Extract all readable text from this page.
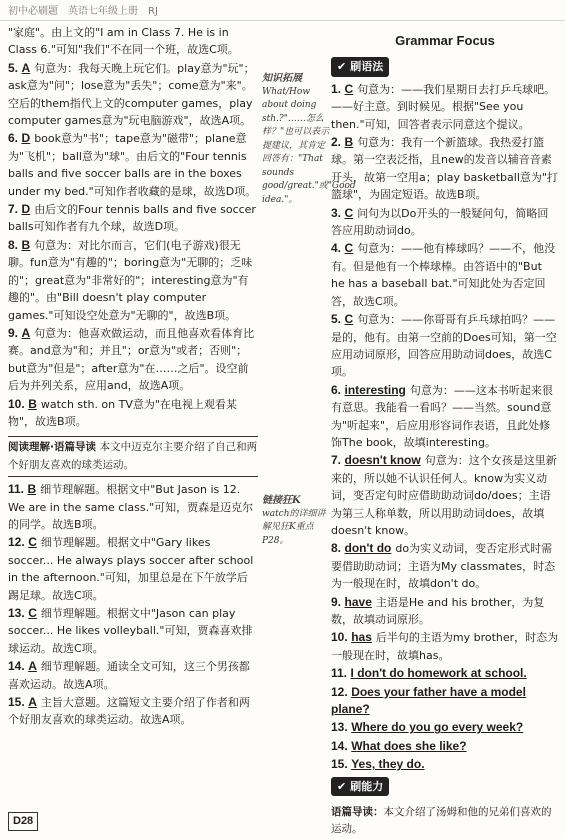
初中必刷题　英语七年级上册　RJ
"家庭"。由上文的"I am in Class 7. He is in Class 6."可知"我们"不在同一个班，故选C项。
5. A 句意为：我每天晚上玩它们。play意为"玩"；ask意为"问"；lose意为"丢失"；come意为"来"。空后的them指代上文的computer games，play computer games意为"玩电脑游戏"，故选A项。
6. D book意为"书"；tape意为"磁带"；plane意为"飞机"；ball意为"球"。由后文的"Four tennis balls and five soccer balls are in the boxes under my bed."可知作者收藏的是球，故选D项。
7. D 由后文的Four tennis balls and five soccer balls可知作者有九个球，故选D项。
8. B 句意为：对比尔而言，它们(电子游戏)很无聊。fun意为"有趣的"；boring意为"无聊的；乏味的"；great意为"非常好的"；interesting意为"有趣的"。由"Bill doesn't play computer games."可知设空处意为"无聊的"，故选B项。
9. A 句意为：他喜欢做运动，而且他喜欢看体育比赛。and意为"和；并且"；or意为"或者；否则"；but意为"但是"；after意为"在……之后"。设空前后为并列关系，应用and，故选A项。
10. B watch sth. on TV意为"在电视上观看某物"，故选B项。
阅读理解·语篇导读 本文中迈克尔主要介绍了自己和两个好朋友喜欢的球类运动。
11. B 细节理解题。根据文中"But Jason is 12. We are in the same class."可知，贾森是迈克尔的同学。故选B项。
12. C 细节理解题。根据文中"Gary likes soccer... He always plays soccer after school in the afternoon."可知，加里总是在下午放学后踢足球。故选C项。
13. C 细节理解题。根据文中"Jason can play soccer... He likes volleyball."可知，贾森喜欢排球运动。故选C项。
14. A 细节理解题。通读全文可知，这三个男孩都喜欢运动。故选A项。
15. A 主旨大意题。这篇短文主要介绍了作者和两个好朋友喜欢的球类运动。故选A项。
知识拓展
What/How about doing sth.?"……怎么样？"也可以表示提建议，其肯定回答有："That sounds good/great."或"Good idea."。
链接狂K
watch的详细讲解见狂K重点P28。
Grammar Focus
✔ 刷语法
1. C 句意为：——我们星期日去打乒乓球吧。——好主意。到时候见。根据"See you then."可知，回答者表示同意这个提议。
2. B 句意为：我有一个新篮球。我热爱打篮球。第一空表泛指，且new的发音以辅音音素开头，故第一空用a；play basketball意为"打篮球"，为固定短语。故选B项。
3. C 问句为以Do开头的一般疑问句，简略回答应用助动词do。
4. C 句意为：——他有棒球吗？——不，他没有。但是他有一个棒球棒。由答语中的"But he has a baseball bat."可知此处为否定回答，故选C项。
5. C 句意为：——你哥哥有乒乓球拍吗？——是的，他有。由第一空前的Does可知，第一空应用动词原形，回答应用助动词does，故选C项。
6. interesting 句意为：——这本书听起来很有意思。我能看一看吗？——当然。sound意为"听起来"，后应用形容词作表语，且此处修饰The book，故填interesting。
7. doesn't know 句意为：这个女孩是这里新来的，所以她不认识任何人。know为实义动词，变否定句时应借助助动词do/does；主语为第三人称单数，所以用助动词does，故填doesn't know。
8. don't do do为实义动词，变否定形式时需要借助助动词；主语为My classmates，时态为一般现在时，故填don't do。
9. have 主语是He and his brother，为复数，故填动词原形。
10. has 后半句的主语为my brother，时态为一般现在时，故填has。
11. I don't do homework at school.
12. Does your father have a model plane?
13. Where do you go every week?
14. What does she like?
15. Yes, they do.
✔ 刷能力
语篇导读：本文介绍了汤姆和他的兄弟们喜欢的运动。
D28
